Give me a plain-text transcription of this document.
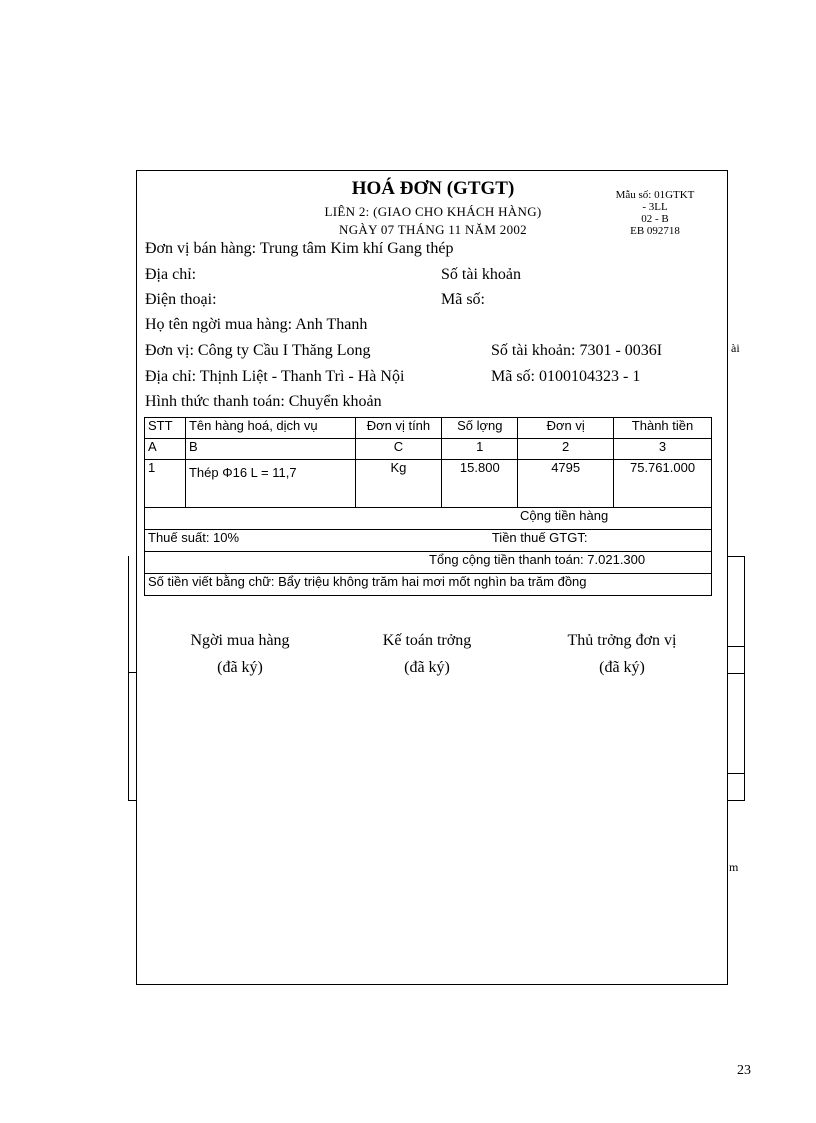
ài
m
HOÁ ĐƠN (GTGT)
LIÊN 2: (GIAO CHO KHÁCH HÀNG)
NGÀY 07 THÁNG 11 NĂM 2002
Mẫu số: 01GTKT
- 3LL
02 - B
EB 092718
Đơn vị bán hàng: Trung tâm Kim khí Gang thép
Địa chỉ:	Số tài khoản
Điện thoại:	Mã số:
Họ tên ngời mua hàng: Anh Thanh
Đơn vị: Công ty Cầu I Thăng Long	Số tài khoản: 7301 - 0036I
Địa chỉ: Thịnh Liệt - Thanh Trì - Hà Nội	Mã số: 0100104323 - 1
Hình thức thanh toán: Chuyển khoản
STT	Tên hàng hoá, dịch vụ	Đơn vị tính	Số lợng	Đơn vị	Thành tiền
A	B	C	1	2	3
1	Thép Φ16 L = 11,7	Kg	15.800	4795	75.761.000
Cộng tiền hàng					
Thuế suất: 10%			Tiền thuế GTGT:		
Tổng cộng tiền thanh toán: 7.021.300					
Số tiền viết bằng chữ: Bẩy triệu không trăm hai mơi mốt nghìn ba trăm đồng					
Ngời mua hàng
(đã ký)
Kế toán trởng
(đã ký)
Thủ trởng đơn vị
(đã ký)
23
